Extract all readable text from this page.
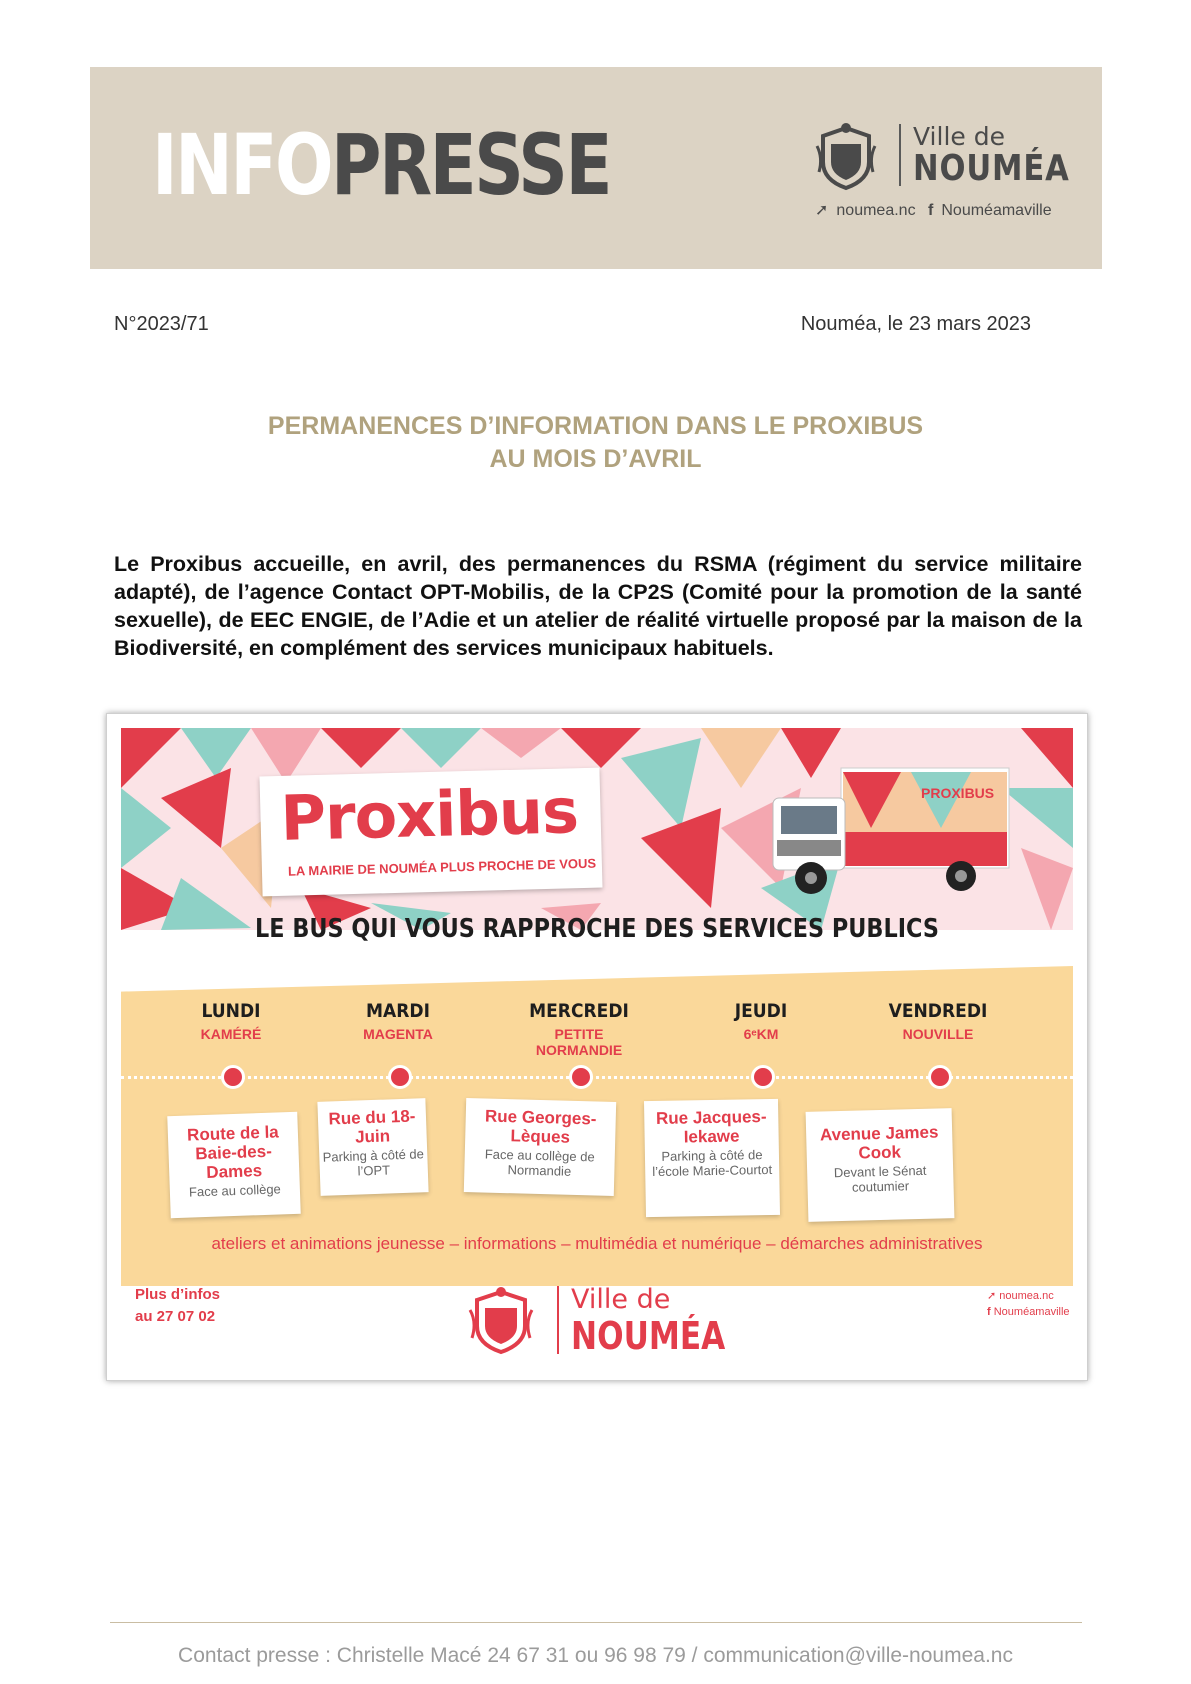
INFOPRESSE	Ville de
NOUMÉA
➚ noumea.nc f Nouméamaville
N°2023/71	Nouméa, le 23 mars 2023
PERMANENCES D’INFORMATION DANS LE PROXIBUS
AU MOIS D’AVRIL
Le Proxibus accueille, en avril, des permanences du RSMA (régiment du service militaire adapté), de l’agence Contact OPT-Mobilis, de la CP2S (Comité pour la promotion de la santé sexuelle), de EEC ENGIE, de l’Adie et un atelier de réalité virtuelle proposé par la maison de la Biodiversité, en complément des services municipaux habituels.
PROXIBUS
Proxibus
LA MAIRIE DE NOUMÉA PLUS PROCHE DE VOUS
LE BUS QUI VOUS RAPPROCHE DES SERVICES PUBLICS
LUNDI
KAMÉRÉ
MARDI
MAGENTA
MERCREDI
PETITE
NORMANDIE
JEUDI
6ᵉKM
VENDREDI
NOUVILLE
Route de la Baie-des-Dames
Face au collège
Rue du 18-Juin
Parking à côté de l’OPT
Rue Georges-Lèques
Face au collège de Normandie
Rue Jacques-Iekawe
Parking à côté de l’école Marie-Courtot
Avenue James Cook
Devant le Sénat coutumier
ateliers et animations jeunesse – informations – multimédia et numérique – démarches administratives
Plus d’infos
au 27 07 02
Ville de
NOUMÉA
➚ noumea.nc
f Nouméamaville
Contact presse : Christelle Macé 24 67 31 ou 96 98 79 / communication@ville-noumea.nc
